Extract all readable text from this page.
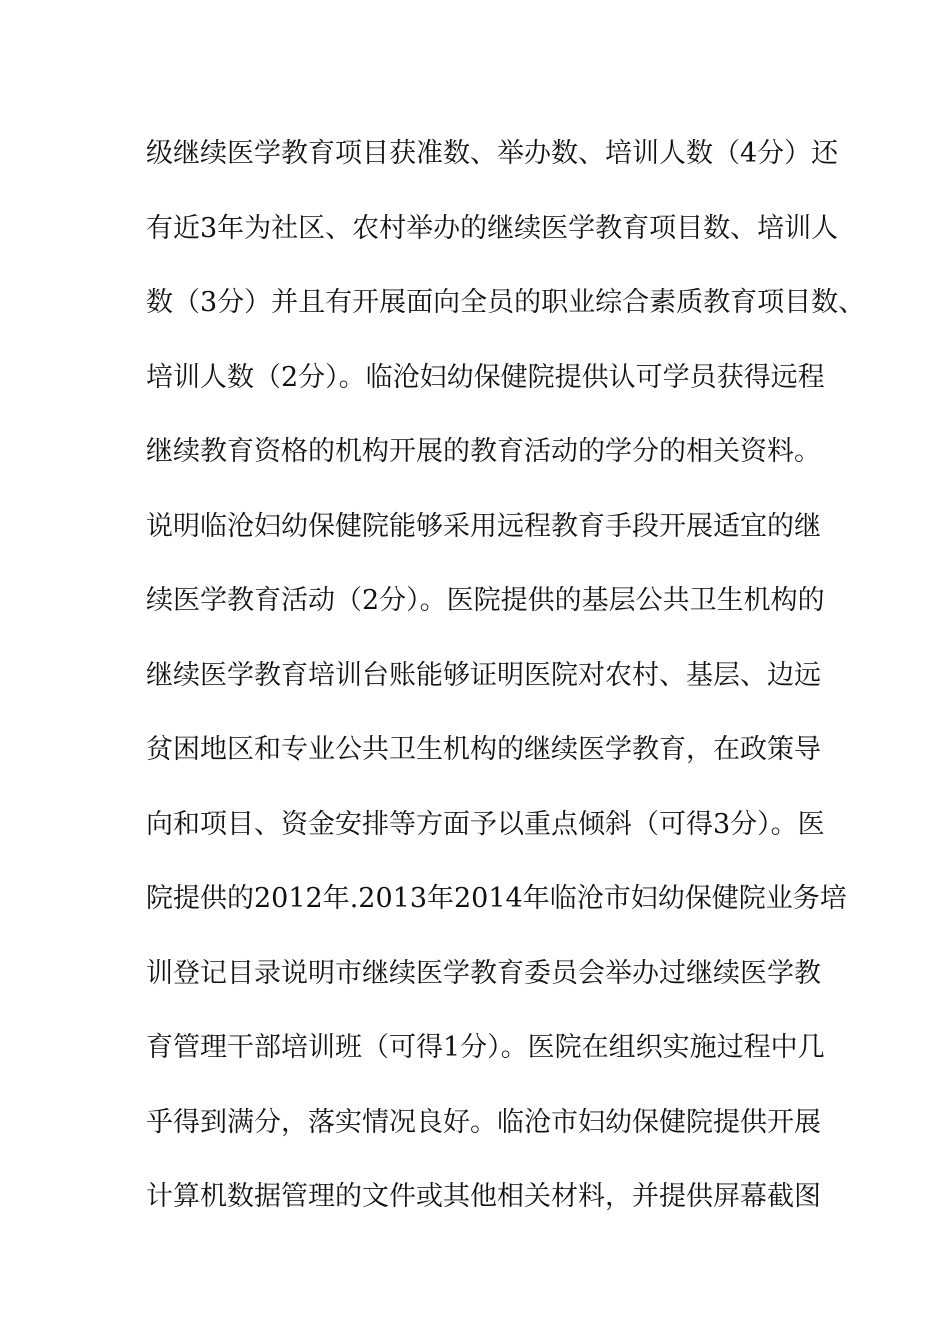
级继续医学教育项目获准数、举办数、培训人数（4分）还
有近3年为社区、农村举办的继续医学教育项目数、培训人
数（3分）并且有开展面向全员的职业综合素质教育项目数、
培训人数（2分）。临沧妇幼保健院提供认可学员获得远程
继续教育资格的机构开展的教育活动的学分的相关资料。
说明临沧妇幼保健院能够采用远程教育手段开展适宜的继
续医学教育活动（2分）。医院提供的基层公共卫生机构的
继续医学教育培训台账能够证明医院对农村、基层、边远
贫困地区和专业公共卫生机构的继续医学教育，在政策导
向和项目、资金安排等方面予以重点倾斜（可得3分）。医
院提供的2012年.2013年2014年临沧市妇幼保健院业务培
训登记目录说明市继续医学教育委员会举办过继续医学教
育管理干部培训班（可得1分）。医院在组织实施过程中几
乎得到满分，落实情况良好。临沧市妇幼保健院提供开展
计算机数据管理的文件或其他相关材料，并提供屏幕截图
